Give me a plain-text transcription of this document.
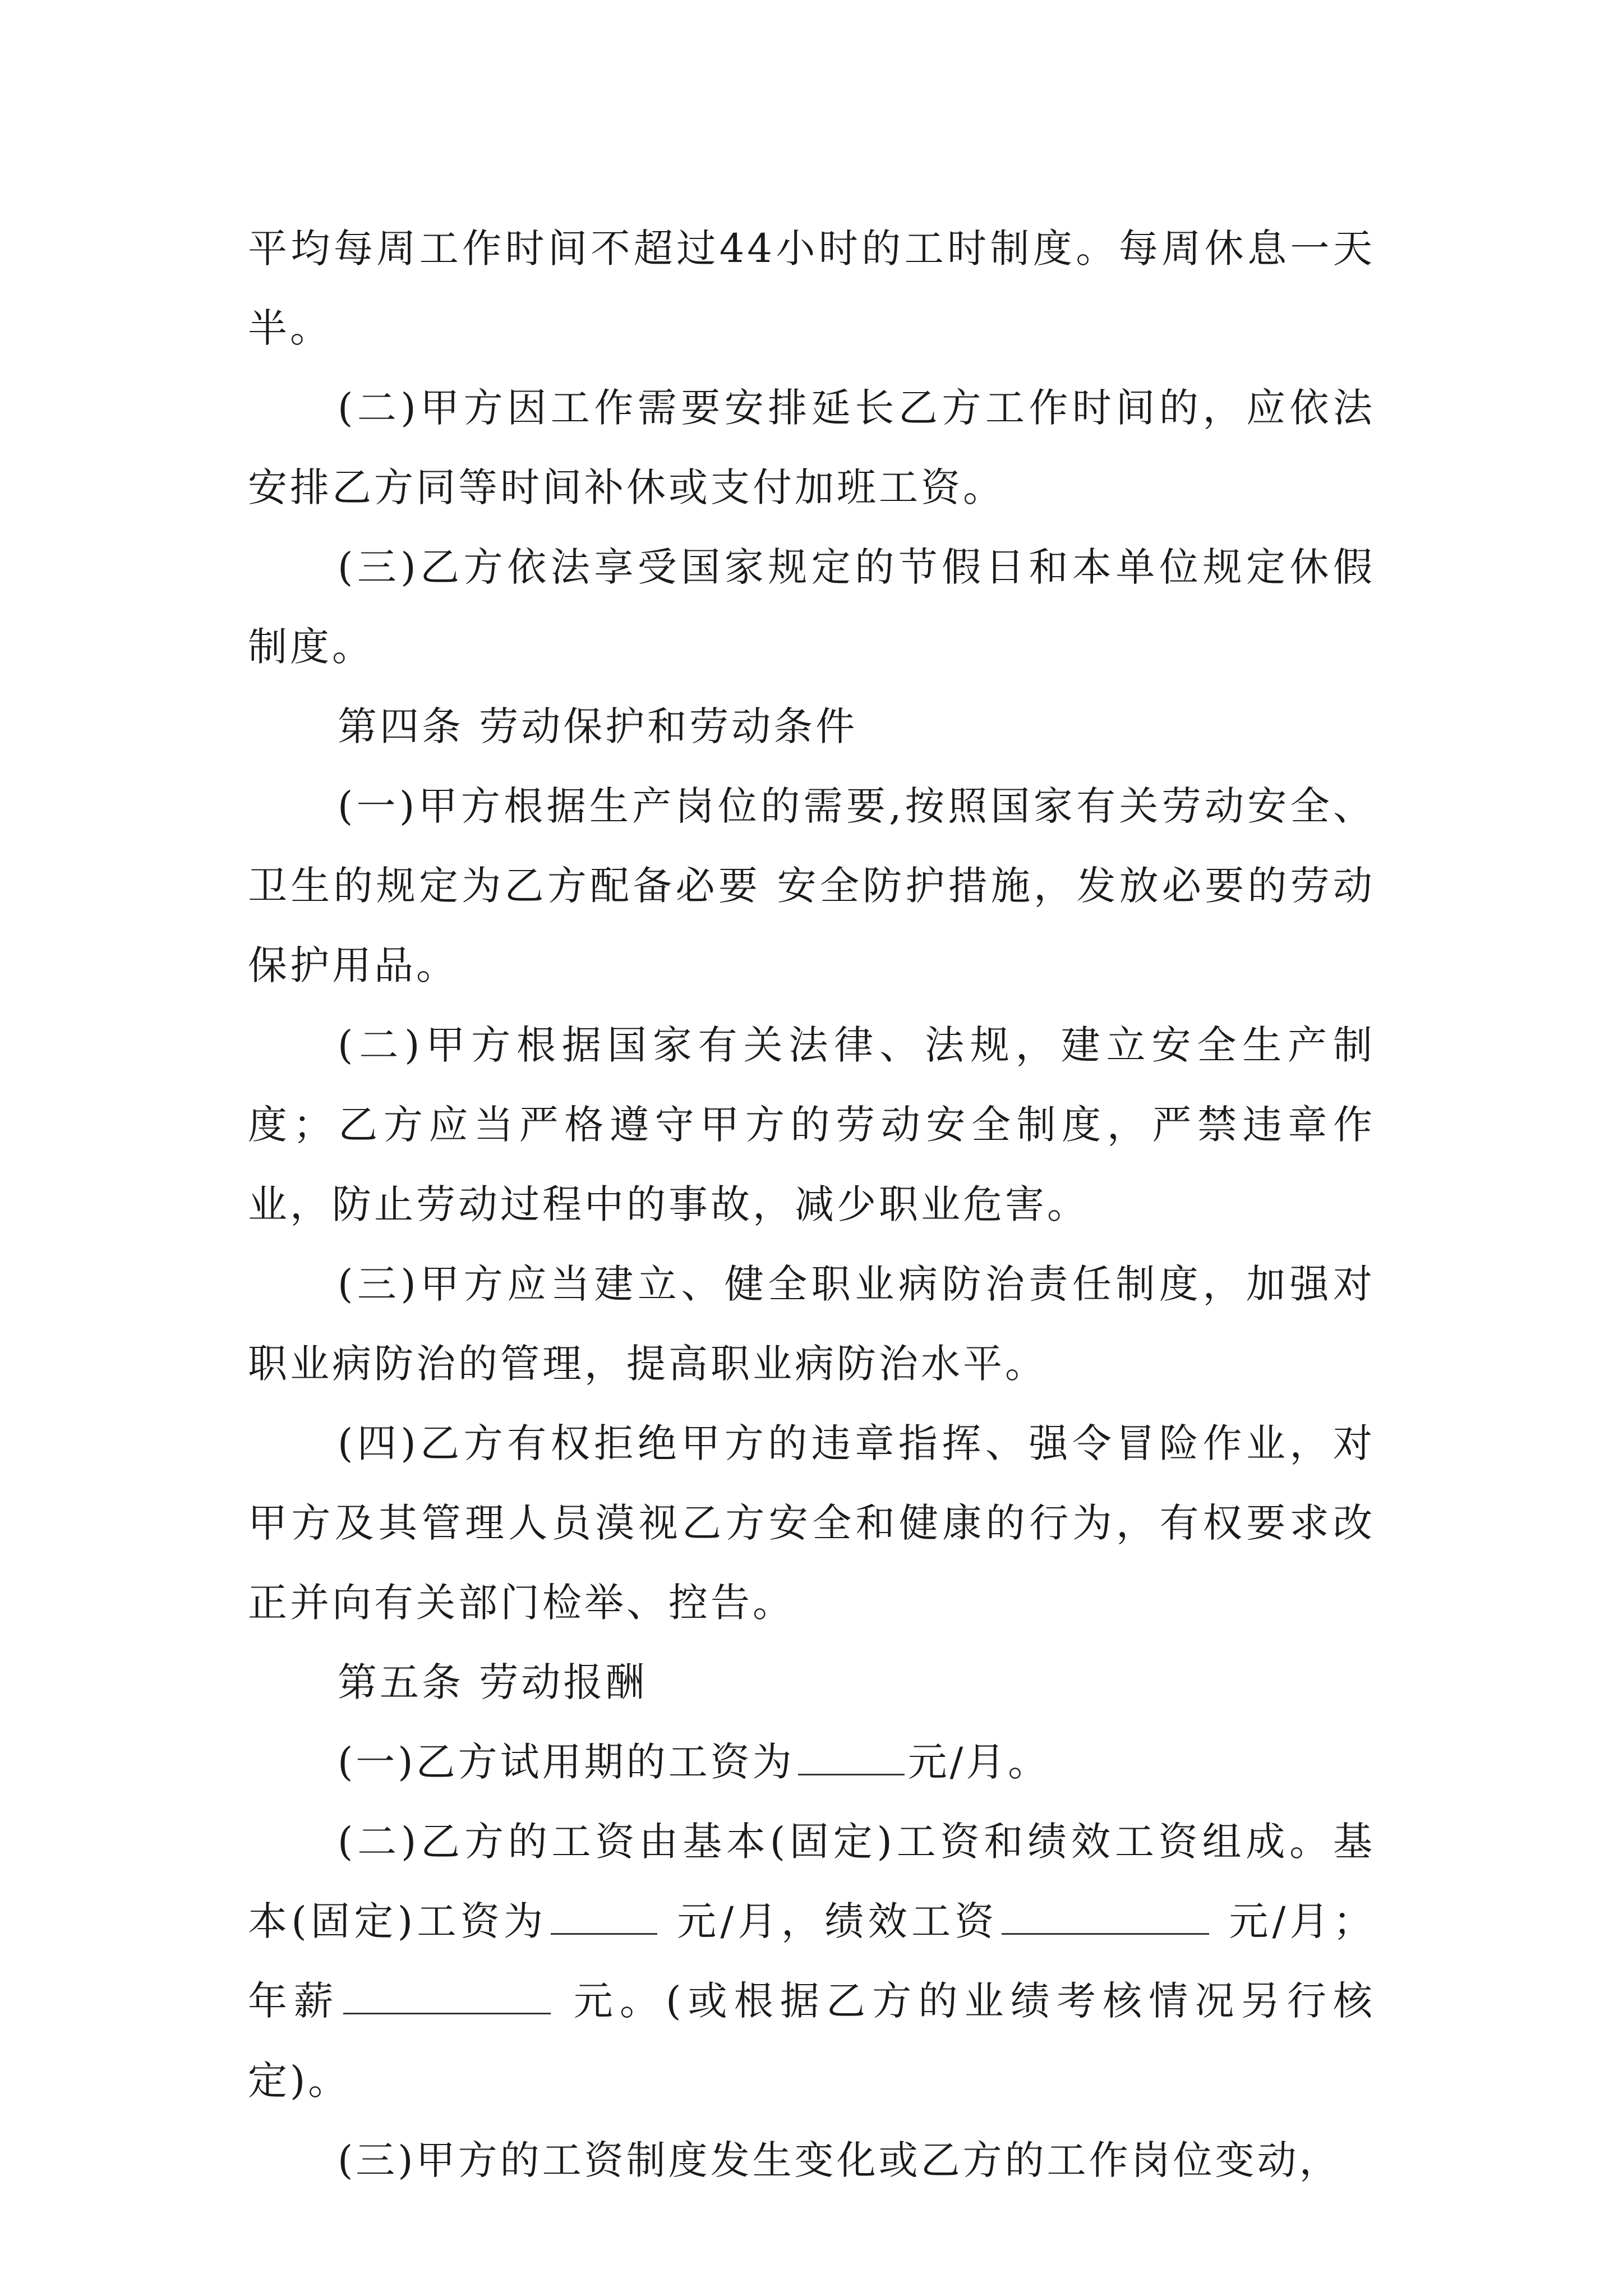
平均每周工作时间不超过44小时的工时制度。每周休息一天半。

(二)甲方因工作需要安排延长乙方工作时间的，应依法安排乙方同等时间补休或支付加班工资。

(三)乙方依法享受国家规定的节假日和本单位规定休假制度。

第四条 劳动保护和劳动条件

(一)甲方根据生产岗位的需要,按照国家有关劳动安全、卫生的规定为乙方配备必要 安全防护措施，发放必要的劳动保护用品。

(二)甲方根据国家有关法律、法规，建立安全生产制度；乙方应当严格遵守甲方的劳动安全制度，严禁违章作业，防止劳动过程中的事故，减少职业危害。

(三)甲方应当建立、健全职业病防治责任制度，加强对职业病防治的管理，提高职业病防治水平。

(四)乙方有权拒绝甲方的违章指挥、强令冒险作业，对甲方及其管理人员漠视乙方安全和健康的行为，有权要求改正并向有关部门检举、控告。

第五条 劳动报酬

(一)乙方试用期的工资为	元/月。

(二)乙方的工资由基本(固定)工资和绩效工资组成。基本(固定)工资为	元/月，绩效工资	元/月；年薪	元。(或根据乙方的业绩考核情况另行核定)。

(三)甲方的工资制度发生变化或乙方的工作岗位变动，
